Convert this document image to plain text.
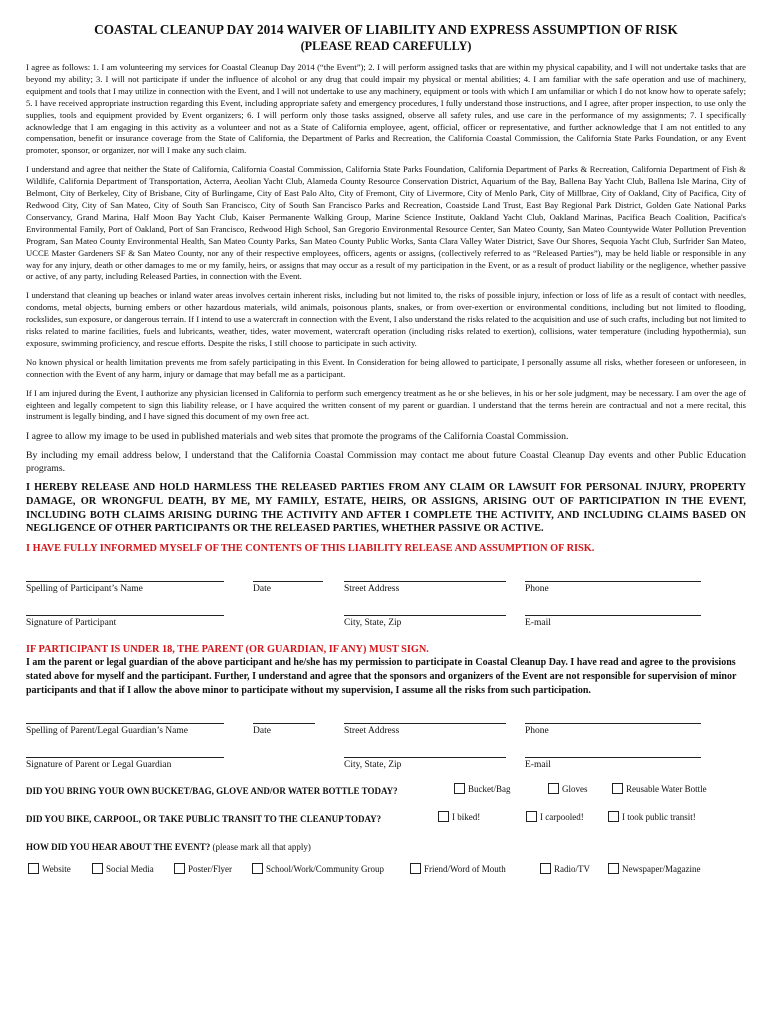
COASTAL CLEANUP DAY 2014 WAIVER OF LIABILITY AND EXPRESS ASSUMPTION OF RISK
(PLEASE READ CAREFULLY)

I agree as follows: 1. I am volunteering my services for Coastal Cleanup Day 2014 (“the Event”); 2. I will perform assigned tasks that are within my physical capability, and I will not undertake tasks that are beyond my ability; 3. I will not participate if under the influence of alcohol or any drug that could impair my physical or mental abilities; 4. I am familiar with the safe operation and use of machinery, equipment and tools that I may utilize in connection with the Event, and I will not undertake to use any machinery, equipment or tools with which I am unfamiliar or which I do not know how to operate safely; 5. I have received appropriate instruction regarding this Event, including appropriate safety and emergency procedures, I fully understand those instructions, and I agree, after proper inspection, to use only the supplies, tools and equipment provided by Event organizers; 6. I will perform only those tasks assigned, observe all safety rules, and use care in the performance of my assignments; 7. I specifically acknowledge that I am engaging in this activity as a volunteer and not as a State of California employee, agent, official, officer or representative, and further acknowledge that I am not entitled to any compensation, benefit or insurance coverage from the State of California, the Department of Parks and Recreation, the California Coastal Commission, the California State Parks Foundation, or any Event promoter, sponsor, or organizer, nor will I make any such claim.

I understand and agree that neither the State of California, California Coastal Commission, California State Parks Foundation, California Department of Parks & Recreation, California Department of Fish & Wildlife, California Department of Transportation, Acterra, Aeolian Yacht Club, Alameda County Resource Conservation District, Aquarium of the Bay, Ballena Bay Yacht Club, Ballena Isle Marina, City of Belmont, City of Berkeley, City of Brisbane, City of Burlingame, City of East Palo Alto, City of Fremont, City of Livermore, City of Menlo Park, City of Millbrae, City of Oakland, City of Pacifica, City of Redwood City, City of San Mateo, City of South San Francisco, City of South San Francisco Parks and Recreation, Coastside Land Trust, East Bay Regional Park District, Golden Gate National Parks Conservancy, Grand Marina, Half Moon Bay Yacht Club, Kaiser Permanente Walking Group, Marine Science Institute, Oakland Yacht Club, Oakland Marinas, Pacifica Beach Coalition, Pacifica's Environmental Family, Port of Oakland, Port of San Francisco, Redwood High School, San Gregorio Environmental Resource Center, San Mateo County, San Mateo Countywide Water Pollution Prevention Program, San Mateo County Environmental Health, San Mateo County Parks, San Mateo County Public Works, Santa Clara Valley Water District, Save Our Shores, Sequoia Yacht Club, Surfrider San Mateo, UCCE Master Gardeners SF & San Mateo County, nor any of their respective employees, officers, agents or assigns, (collectively referred to as “Released Parties”), may be held liable or responsible in any way for any injury, death or other damages to me or my family, heirs, or assigns that may occur as a result of my participation in the Event, or as a result of product liability or the negligence, whether passive or active, of any party, including Released Parties, in connection with the Event.

I understand that cleaning up beaches or inland water areas involves certain inherent risks, including but not limited to, the risks of possible injury, infection or loss of life as a result of contact with needles, condoms, metal objects, burning embers or other hazardous materials, wild animals, poisonous plants, snakes, or from over-exertion or environmental conditions, including but not limited to flooding, rockslides, sun exposure, or dangerous terrain. If I intend to use a watercraft in connection with the Event, I also understand the risks related to the acquisition and use of such crafts, including but not limited to risks related to marine facilities, fuels and lubricants, weather, tides, water movement, watercraft operation (including risks related to exertion), collisions, water temperature (including hypothermia), sun exposure, swimming proficiency, and rescue efforts. Despite the risks, I still choose to participate in such activity.

No known physical or health limitation prevents me from safely participating in this Event. In Consideration for being allowed to participate, I personally assume all risks, whether foreseen or unforeseen, in connection with the Event of any harm, injury or damage that may befall me as a participant.

If I am injured during the Event, I authorize any physician licensed in California to perform such emergency treatment as he or she believes, in his or her sole judgment, may be necessary. I am over the age of eighteen and legally competent to sign this liability release, or I have acquired the written consent of my parent or guardian. I understand that the terms herein are contractual and not a mere recital, this instrument is legally binding, and I have signed this document of my own free act.

I agree to allow my image to be used in published materials and web sites that promote the programs of the California Coastal Commission.

By including my email address below, I understand that the California Coastal Commission may contact me about future Coastal Cleanup Day events and other Public Education programs.

I HEREBY RELEASE AND HOLD HARMLESS THE RELEASED PARTIES FROM ANY CLAIM OR LAWSUIT FOR PERSONAL INJURY, PROPERTY DAMAGE, OR WRONGFUL DEATH, BY ME, MY FAMILY, ESTATE, HEIRS, OR ASSIGNS, ARISING OUT OF PARTICIPATION IN THE EVENT, INCLUDING BOTH CLAIMS ARISING DURING THE ACTIVITY AND AFTER I COMPLETE THE ACTIVITY, AND INCLUDING CLAIMS BASED ON NEGLIGENCE OF OTHER PARTICIPANTS OR THE RELEASED PARTIES, WHETHER PASSIVE OR ACTIVE.

I HAVE FULLY INFORMED MYSELF OF THE CONTENTS OF THIS LIABILITY RELEASE AND ASSUMPTION OF RISK.

Spelling of Participant’s Name	Date	Street Address	Phone
Signature of Participant	City, State, Zip	E-mail

IF PARTICIPANT IS UNDER 18, THE PARENT (OR GUARDIAN, IF ANY) MUST SIGN.

I am the parent or legal guardian of the above participant and he/she has my permission to participate in Coastal Cleanup Day. I have read and agree to the provisions stated above for myself and the participant. Further, I understand and agree that the sponsors and organizers of the Event are not responsible for supervision of minor participants and that if I allow the above minor to participate without my supervision, I assume all the risks from such participation.

Spelling of Parent/Legal Guardian’s Name	Date	Street Address	Phone
Signature of Parent or Legal Guardian	City, State, Zip	E-mail
DID YOU BRING YOUR OWN BUCKET/BAG, GLOVE AND/OR WATER BOTTLE TODAY?	Bucket/Bag	Gloves	Reusable Water Bottle
DID YOU BIKE, CARPOOL, OR TAKE PUBLIC TRANSIT TO THE CLEANUP TODAY?	I biked!	I carpooled!	I took public transit!
HOW DID YOU HEAR ABOUT THE EVENT? (please mark all that apply)
Website	Social Media	Poster/Flyer	School/Work/Community Group	Friend/Word of Mouth	Radio/TV	Newspaper/Magazine
